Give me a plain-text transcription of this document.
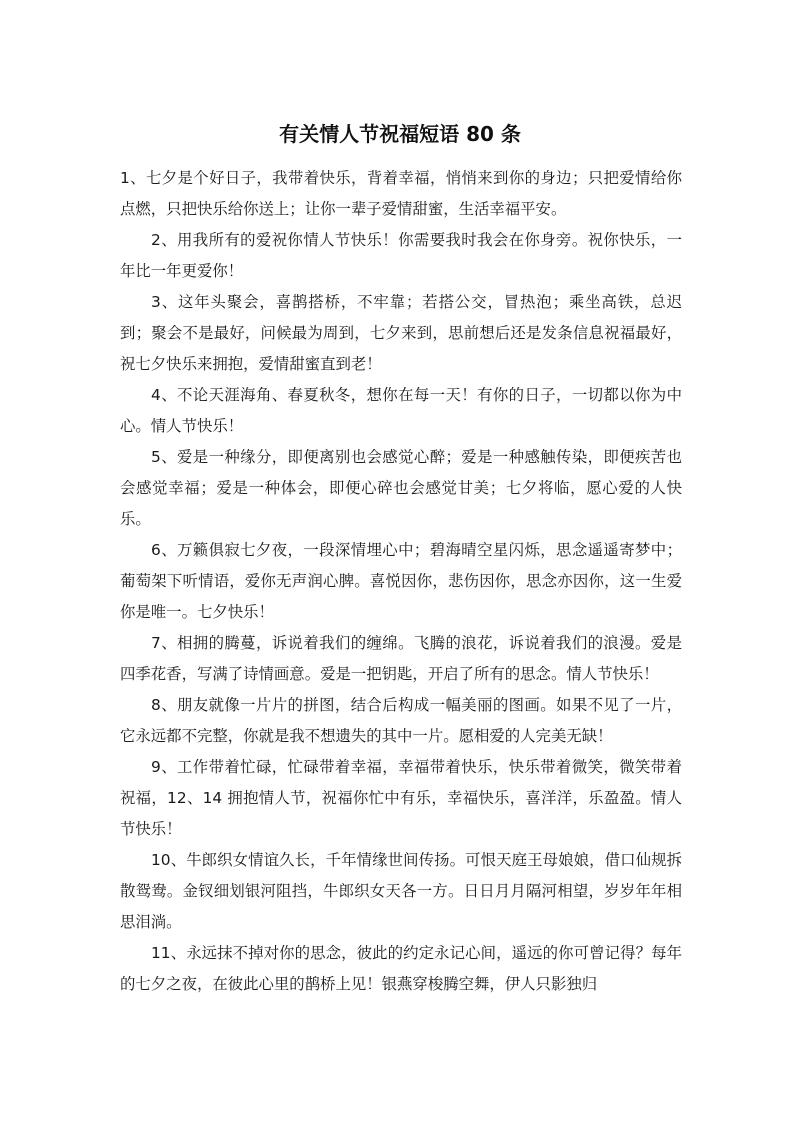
有关情人节祝福短语 80 条

1、七夕是个好日子，我带着快乐，背着幸福，悄悄来到你的身边；只把爱情给你点燃，只把快乐给你送上；让你一辈子爱情甜蜜，生活幸福平安。

2、用我所有的爱祝你情人节快乐！你需要我时我会在你身旁。祝你快乐，一年比一年更爱你！

3、这年头聚会，喜鹊搭桥，不牢靠；若搭公交，冒热泡；乘坐高铁，总迟到；聚会不是最好，问候最为周到，七夕来到，思前想后还是发条信息祝福最好，祝七夕快乐来拥抱，爱情甜蜜直到老！

4、不论天涯海角、春夏秋冬，想你在每一天！有你的日子，一切都以你为中心。情人节快乐！

5、爱是一种缘分，即便离别也会感觉心醉；爱是一种感触传染，即便疾苦也会感觉幸福；爱是一种体会，即便心碎也会感觉甘美；七夕将临，愿心爱的人快乐。

6、万籁俱寂七夕夜，一段深情埋心中；碧海晴空星闪烁，思念遥遥寄梦中；葡萄架下听情语，爱你无声润心脾。喜悦因你，悲伤因你，思念亦因你，这一生爱你是唯一。七夕快乐！

7、相拥的腾蔓，诉说着我们的缠绵。飞腾的浪花，诉说着我们的浪漫。爱是四季花香，写满了诗情画意。爱是一把钥匙，开启了所有的思念。情人节快乐！

8、朋友就像一片片的拼图，结合后构成一幅美丽的图画。如果不见了一片，它永远都不完整，你就是我不想遗失的其中一片。愿相爱的人完美无缺！

9、工作带着忙碌，忙碌带着幸福，幸福带着快乐，快乐带着微笑，微笑带着祝福，12、14 拥抱情人节，祝福你忙中有乐，幸福快乐，喜洋洋，乐盈盈。情人节快乐！

10、牛郎织女情谊久长，千年情缘世间传扬。可恨天庭王母娘娘，借口仙规拆散鸳鸯。金钗细划银河阻挡，牛郎织女天各一方。日日月月隔河相望，岁岁年年相思泪淌。

11、永远抹不掉对你的思念，彼此的约定永记心间，遥远的你可曾记得？每年的七夕之夜，在彼此心里的鹊桥上见！银燕穿梭腾空舞，伊人只影独归
